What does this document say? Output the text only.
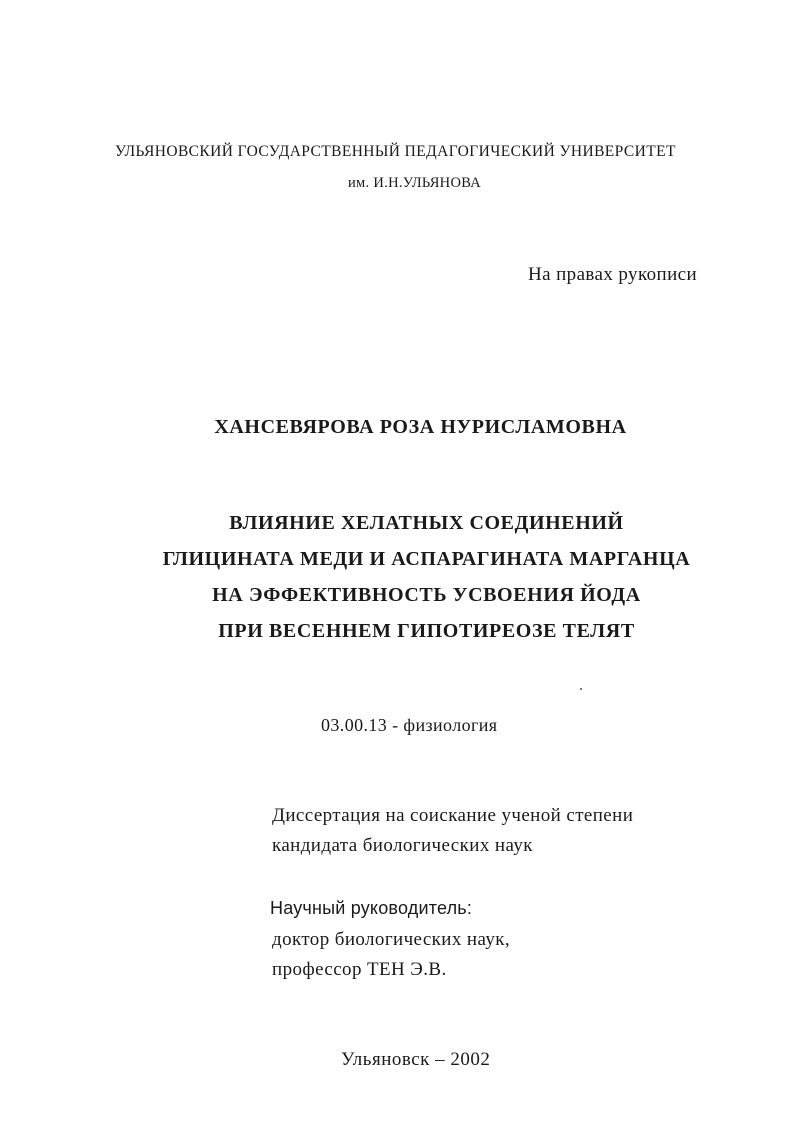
УЛЬЯНОВСКИЙ ГОСУДАРСТВЕННЫЙ ПЕДАГОГИЧЕСКИЙ УНИВЕРСИТЕТ
им. И.Н.УЛЬЯНОВА
На правах рукописи
ХАНСЕВЯРОВА РОЗА НУРИСЛАМОВНА
ВЛИЯНИЕ ХЕЛАТНЫХ СОЕДИНЕНИЙ
ГЛИЦИНАТА МЕДИ И АСПАРАГИНАТА МАРГАНЦА
НА ЭФФЕКТИВНОСТЬ УСВОЕНИЯ ЙОДА
ПРИ ВЕСЕННЕМ ГИПОТИРЕОЗЕ ТЕЛЯТ
03.00.13 - физиология
Диссертация на соискание ученой степени
кандидата биологических наук
Научный руководитель:
доктор биологических наук,
профессор ТЕН Э.В.
Ульяновск – 2002
